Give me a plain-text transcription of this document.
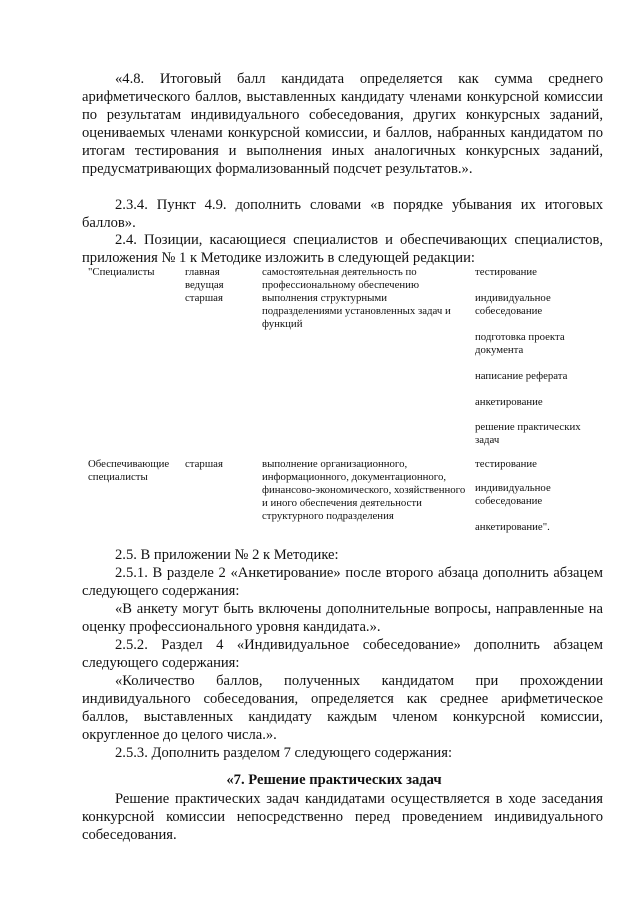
«4.8. Итоговый балл кандидата определяется как сумма среднего арифметического баллов, выставленных кандидату членами конкурсной комиссии по результатам индивидуального собеседования, других конкурсных заданий, оцениваемых членами конкурсной комиссии, и баллов, набранных кандидатом по итогам тестирования и выполнения иных аналогичных конкурсных заданий, предусматривающих формализованный подсчет результатов.».
2.3.4. Пункт 4.9. дополнить словами «в порядке убывания их итоговых баллов».
2.4. Позиции, касающиеся специалистов и обеспечивающих специалистов, приложения № 1 к Методике изложить в следующей редакции:
"Специалисты	главная
ведущая
старшая
самостоятельная деятельность по профессиональному обеспечению выполнения структурными подразделениями установленных задач и функций
тестирование
индивидуальное собеседование
подготовка проекта документа
написание реферата
анкетирование
решение практических задач
Обеспечивающие специалисты
старшая	выполнение организационного, информационного, документационного, финансово-экономического, хозяйственного и иного обеспечения деятельности структурного подразделения
тестирование
индивидуальное собеседование
анкетирование".
2.5. В приложении № 2 к Методике:
2.5.1. В разделе 2 «Анкетирование» после второго абзаца дополнить абзацем следующего содержания:
«В анкету могут быть включены дополнительные вопросы, направленные на оценку профессионального уровня кандидата.».
2.5.2. Раздел 4 «Индивидуальное собеседование» дополнить абзацем следующего содержания:
«Количество баллов, полученных кандидатом при прохождении индивидуального собеседования, определяется как среднее арифметическое баллов, выставленных кандидату каждым членом конкурсной комиссии, округленное до целого числа.».
2.5.3. Дополнить разделом 7 следующего содержания:
«7. Решение практических задач
Решение практических задач кандидатами осуществляется в ходе заседания конкурсной комиссии непосредственно перед проведением индивидуального собеседования.
